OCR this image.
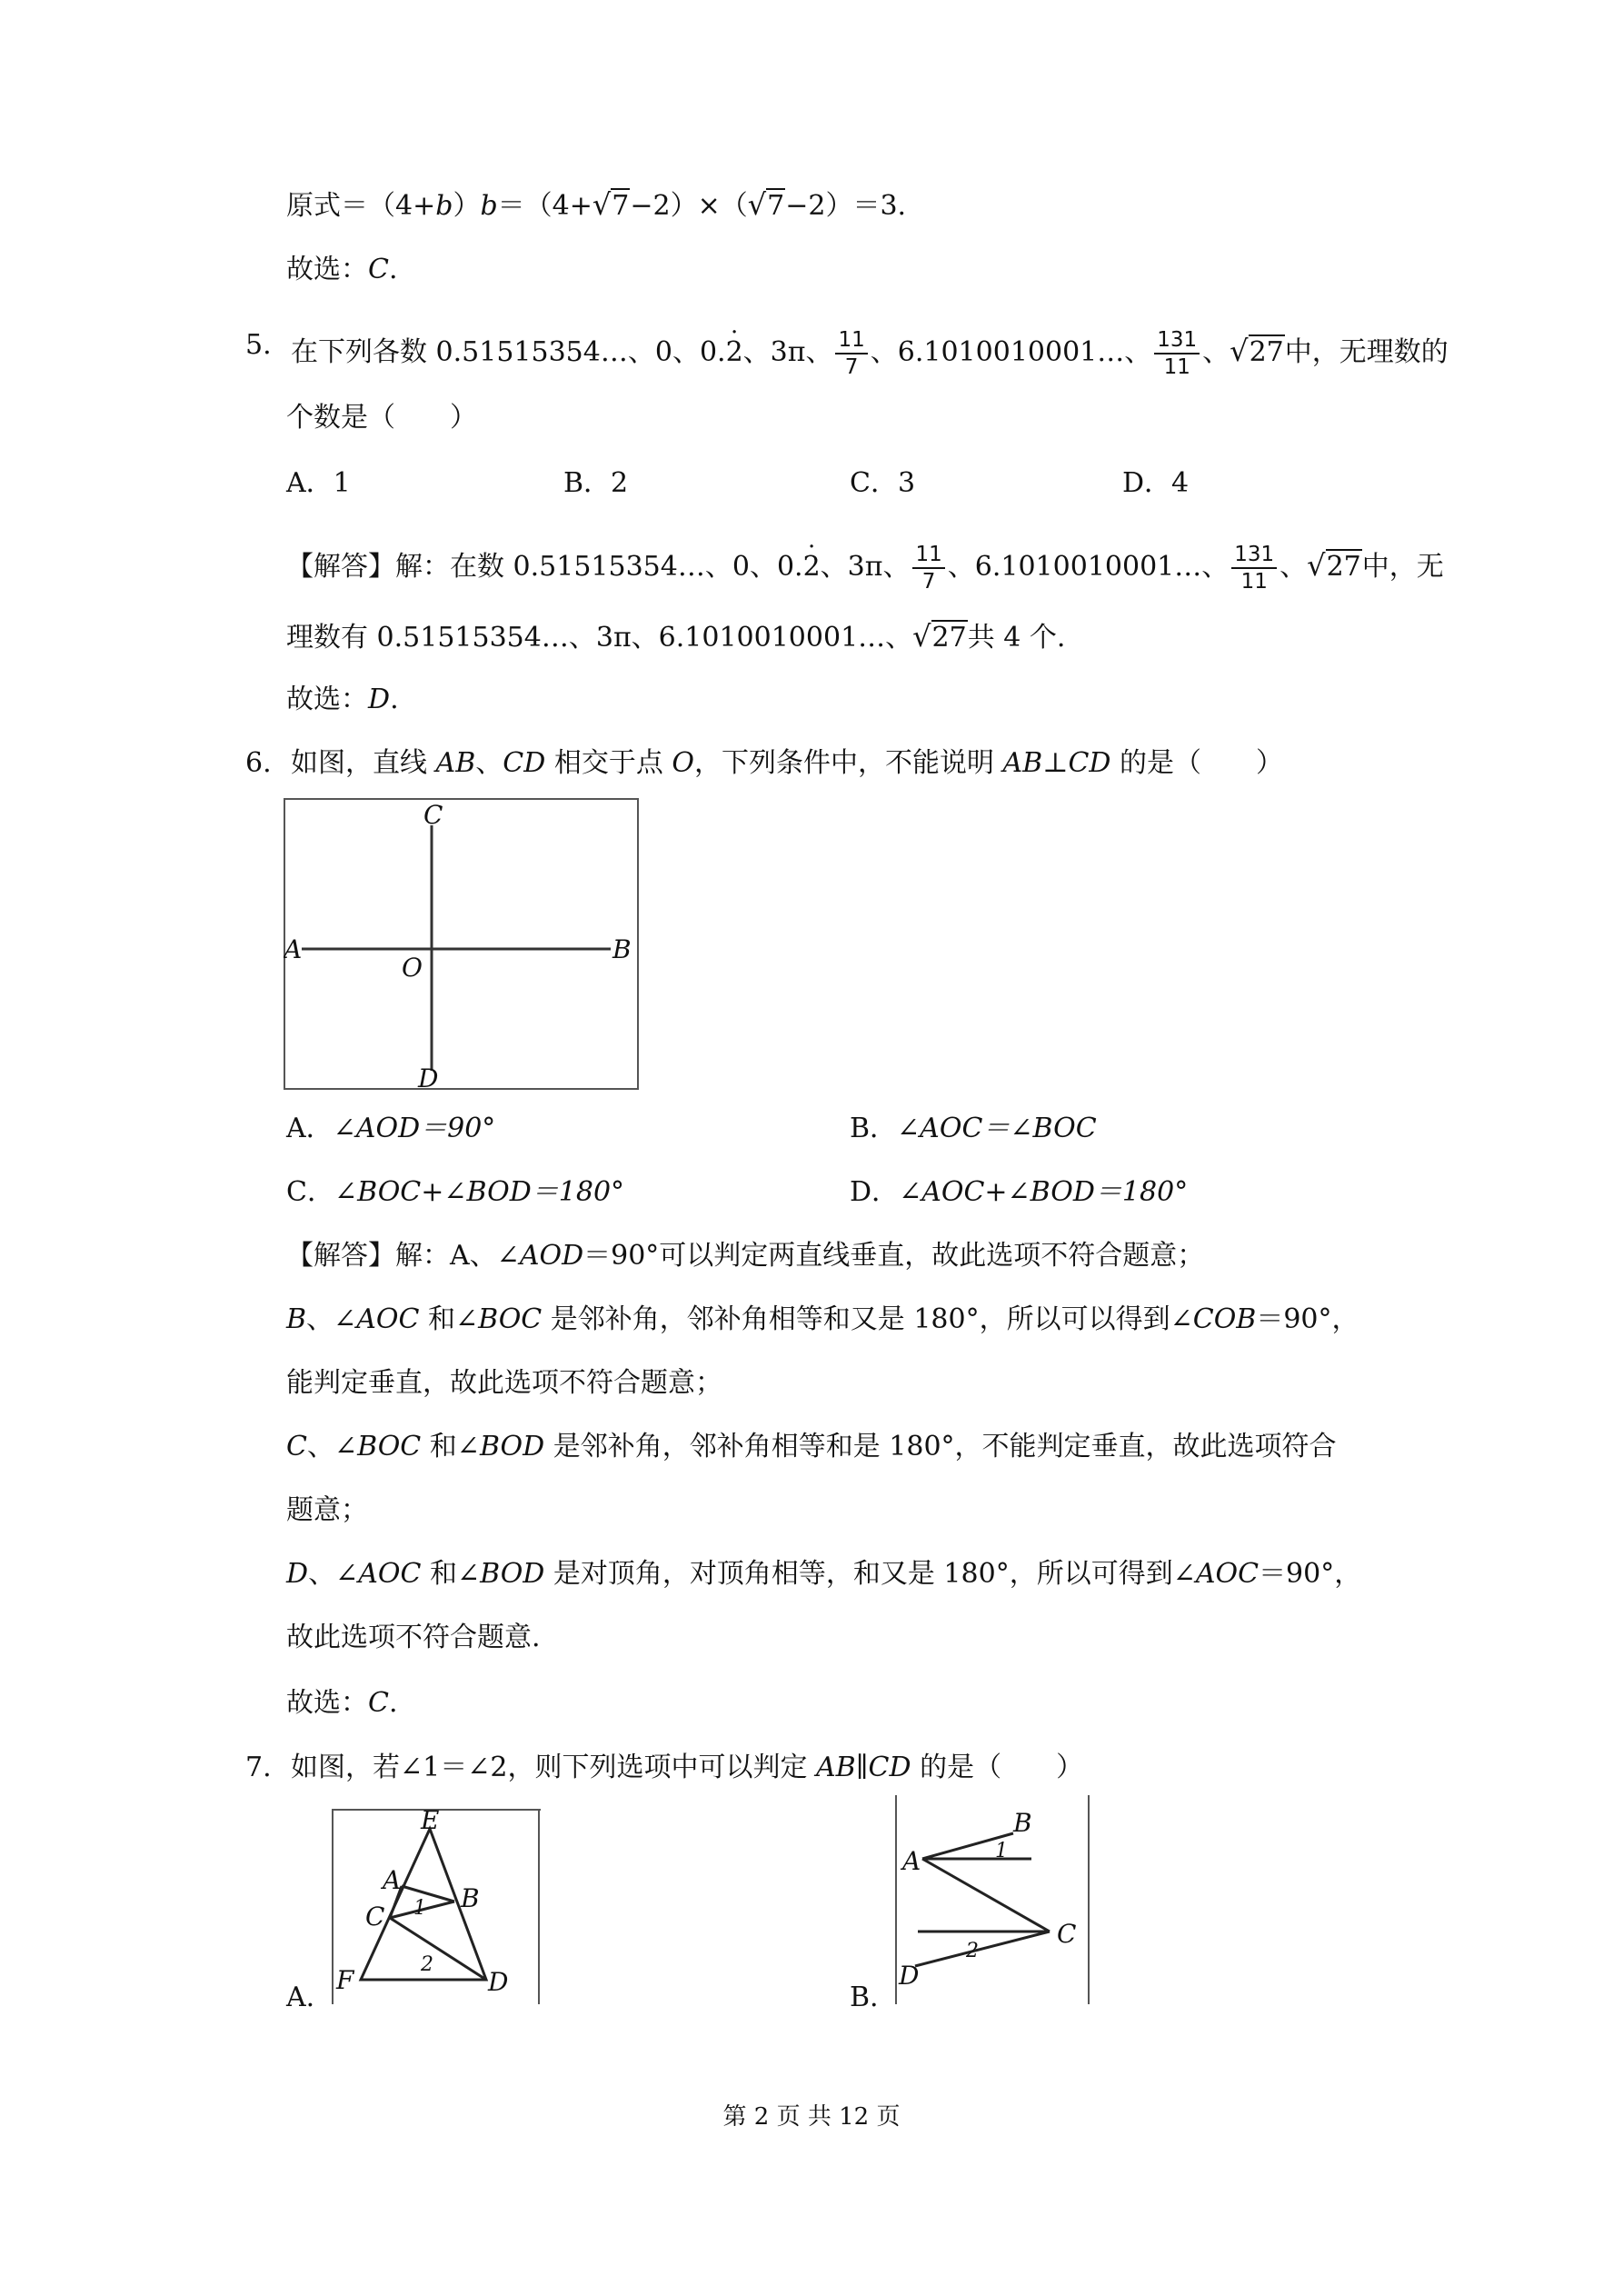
原式＝（4+b）b＝（4+√7−2）×（√7−2）＝3.
故选：C.
5. 在下列各数 0.51515354…、0、0.2 ·、3π、 $\frac{11}{7}$ 、6.1010010001…、 $\frac{131}{11}$ 、√27中，无理数的
个数是（　　）
A．1	B．2	C．3	D．4
【解答】解：在数 0.51515354…、0、0.2 ·、3π、 $\frac{11}{7}$ 、6.1010010001…、 $\frac{131}{11}$ 、√27中，无
理数有 0.51515354…、3π、6.1010010001…、√27共 4 个.
故选：D.
6. 如图，直线 AB、CD 相交于点 O，下列条件中，不能说明 AB⊥CD 的是（　　）
C
A
O
B
D
A．∠AOD＝90°	B．∠AOC＝∠BOC
C．∠BOC+∠BOD＝180°	D．∠AOC+∠BOD＝180°
【解答】解：A、∠AOD＝90°可以判定两直线垂直，故此选项不符合题意；
B、∠AOC 和∠BOC 是邻补角，邻补角相等和又是 180°，所以可以得到∠COB＝90°，
能判定垂直，故此选项不符合题意；
C、∠BOC 和∠BOD 是邻补角，邻补角相等和是 180°，不能判定垂直，故此选项符合
题意；
D、∠AOC 和∠BOD 是对顶角，对顶角相等，和又是 180°，所以可得到∠AOC＝90°，
故此选项不符合题意.
故选：C.
7. 如图，若∠1＝∠2，则下列选项中可以判定 AB∥CD 的是（　　）
A.
E
A
B
1
C
F
2
D	B.
B
A	1
C
2
D
第 2 页 共 12 页
